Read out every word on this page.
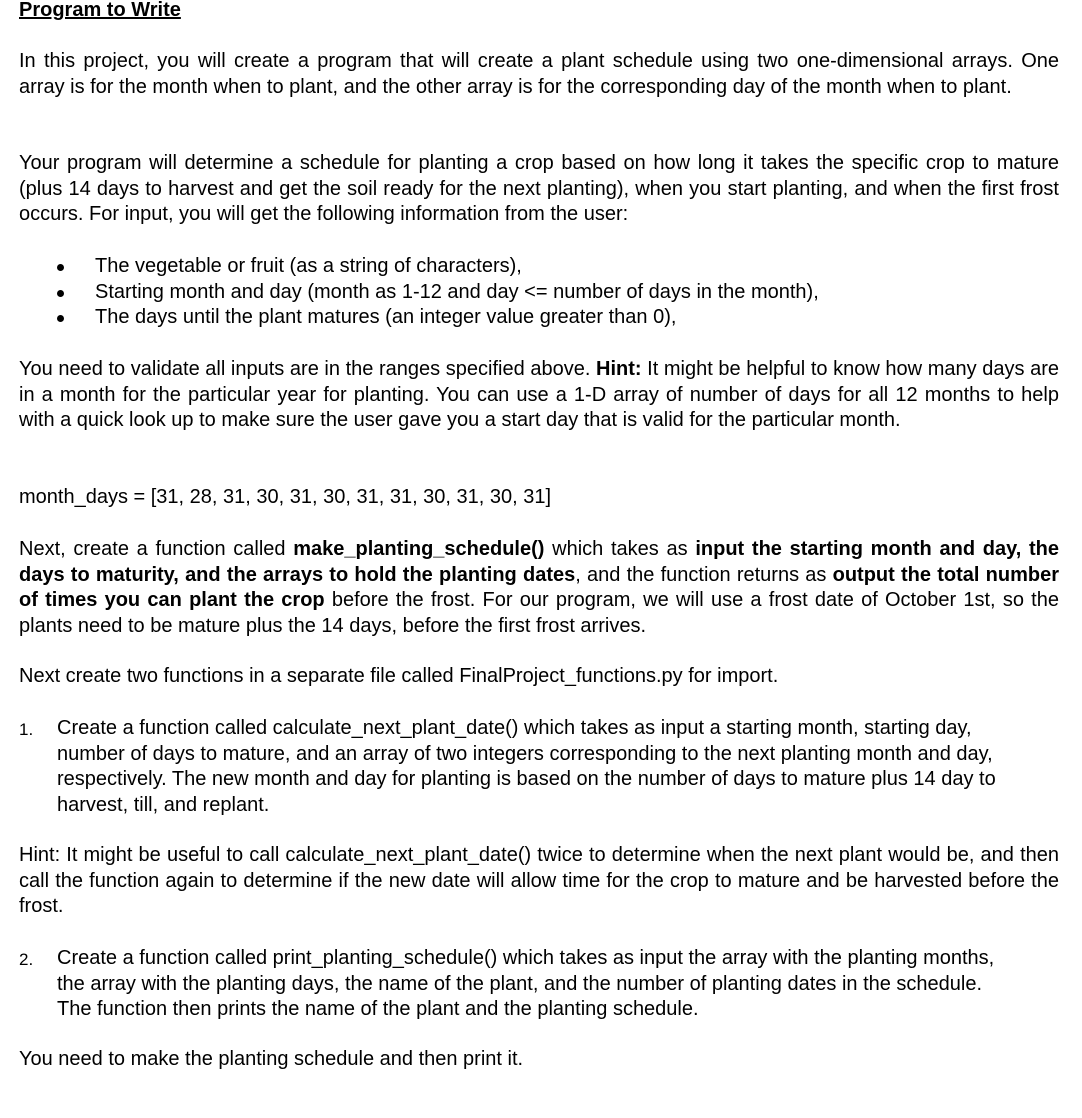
Program to Write

In this project, you will create a program that will create a plant schedule using two one-dimensional arrays. One array is for the month when to plant, and the other array is for the corresponding day of the month when to plant.

Your program will determine a schedule for planting a crop based on how long it takes the specific crop to mature (plus 14 days to harvest and get the soil ready for the next planting), when you start planting, and when the first frost occurs. For input, you will get the following information from the user:

The vegetable or fruit (as a string of characters),
Starting month and day (month as 1-12 and day <= number of days in the month),
The days until the plant matures (an integer value greater than 0),

You need to validate all inputs are in the ranges specified above. Hint: It might be helpful to know how many days are in a month for the particular year for planting. You can use a 1-D array of number of days for all 12 months to help with a quick look up to make sure the user gave you a start day that is valid for the particular month.

month_days = [31, 28, 31, 30, 31, 30, 31, 31, 30, 31, 30, 31]

Next, create a function called make_planting_schedule() which takes as input the starting month and day, the days to maturity, and the arrays to hold the planting dates, and the function returns as output the total number of times you can plant the crop before the frost. For our program, we will use a frost date of October 1st, so the plants need to be mature plus the 14 days, before the first frost arrives.

Next create two functions in a separate file called FinalProject_functions.py for import.

1. Create a function called calculate_next_plant_date() which takes as input a starting month, starting day, number of days to mature, and an array of two integers corresponding to the next planting month and day, respectively. The new month and day for planting is based on the number of days to mature plus 14 day to harvest, till, and replant.

Hint: It might be useful to call calculate_next_plant_date() twice to determine when the next plant would be, and then call the function again to determine if the new date will allow time for the crop to mature and be harvested before the frost.

2. Create a function called print_planting_schedule() which takes as input the array with the planting months, the array with the planting days, the name of the plant, and the number of planting dates in the schedule. The function then prints the name of the plant and the planting schedule.

You need to make the planting schedule and then print it.
